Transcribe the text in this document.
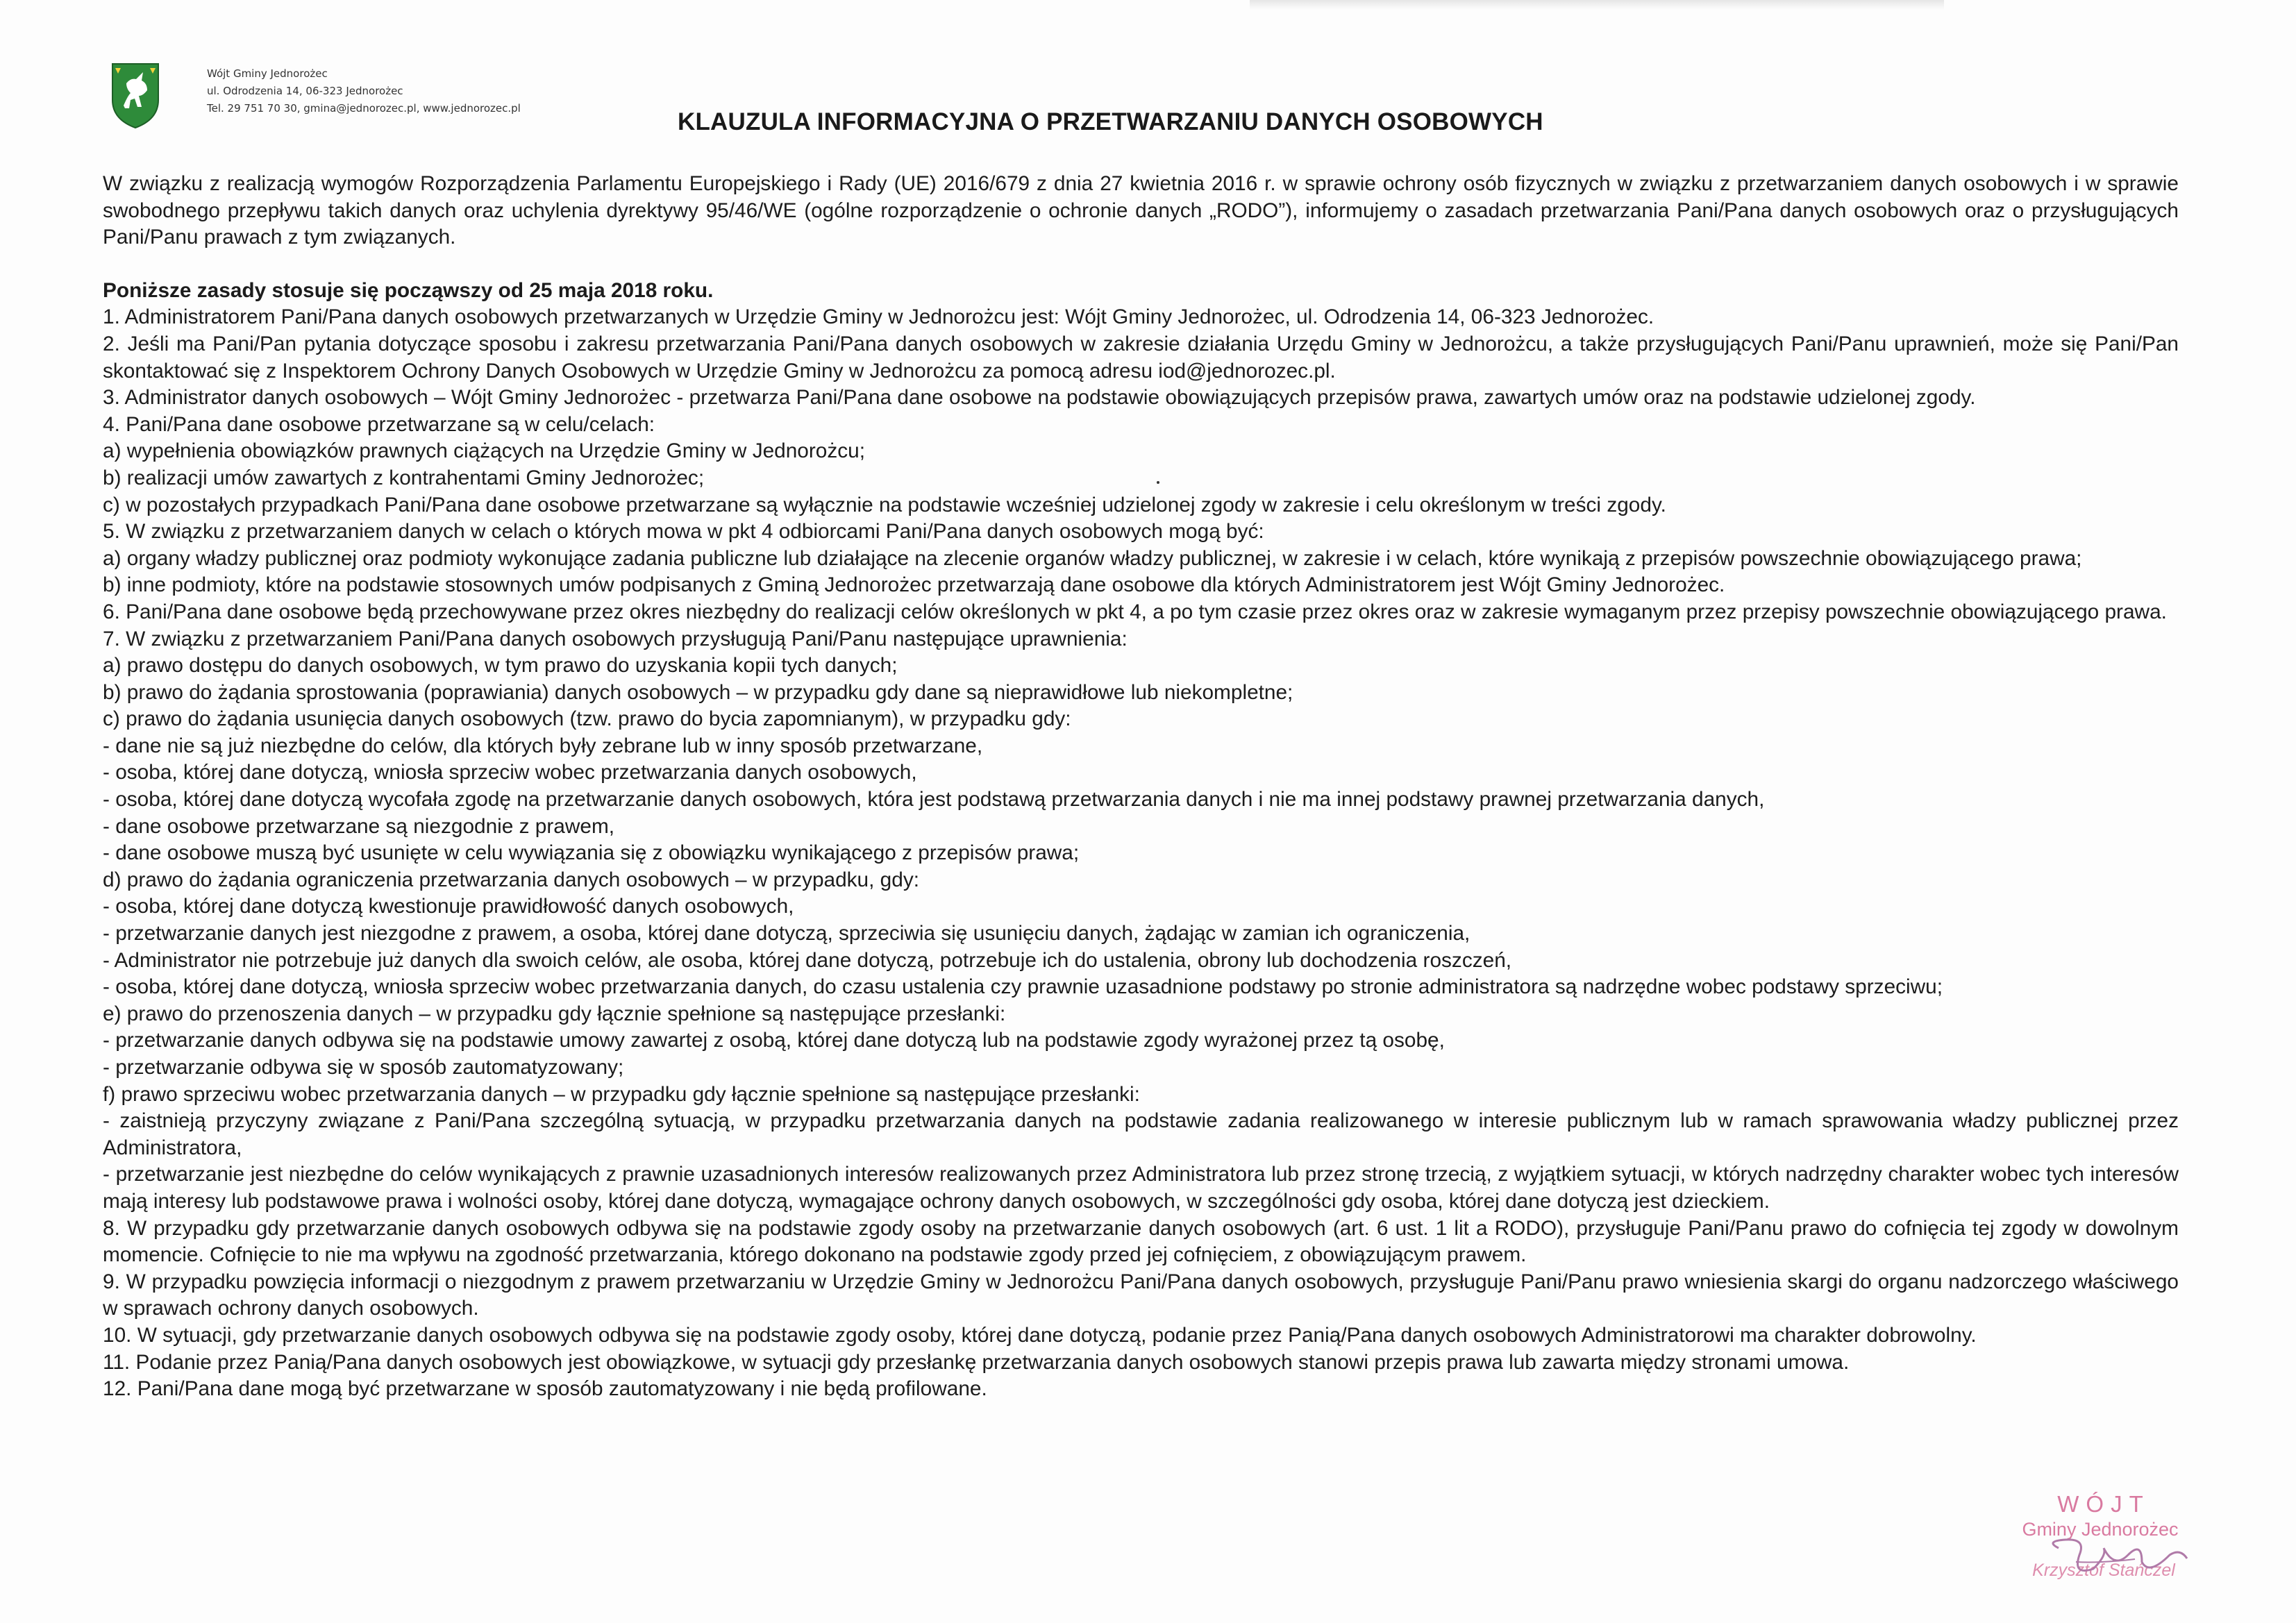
Wójt Gminy Jednorożec
ul. Odrodzenia 14, 06-323 Jednorożec
Tel. 29 751 70 30, gmina@jednorozec.pl, www.jednorozec.pl	KLAUZULA INFORMACYJNA O PRZETWARZANIU DANYCH OSOBOWYCH

W związku z realizacją wymogów Rozporządzenia Parlamentu Europejskiego i Rady (UE) 2016/679 z dnia 27 kwietnia 2016 r. w sprawie ochrony osób fizycznych w związku z przetwarzaniem danych osobowych i w sprawie swobodnego przepływu takich danych oraz uchylenia dyrektywy 95/46/WE (ogólne rozporządzenie o ochronie danych „RODO”), informujemy o zasadach przetwarzania Pani/Pana danych osobowych oraz o przysługujących Pani/Panu prawach z tym związanych.

Poniższe zasady stosuje się począwszy od 25 maja 2018 roku.

1. Administratorem Pani/Pana danych osobowych przetwarzanych w Urzędzie Gminy w Jednorożcu jest: Wójt Gminy Jednorożec, ul. Odrodzenia 14, 06-323 Jednorożec.

2. Jeśli ma Pani/Pan pytania dotyczące sposobu i zakresu przetwarzania Pani/Pana danych osobowych w zakresie działania Urzędu Gminy w Jednorożcu, a także przysługujących Pani/Panu uprawnień, może się Pani/Pan skontaktować się z Inspektorem Ochrony Danych Osobowych w Urzędzie Gminy w Jednorożcu za pomocą adresu iod@jednorozec.pl.

3. Administrator danych osobowych – Wójt Gminy Jednorożec - przetwarza Pani/Pana dane osobowe na podstawie obowiązujących przepisów prawa, zawartych umów oraz na podstawie udzielonej zgody.

4. Pani/Pana dane osobowe przetwarzane są w celu/celach:

a) wypełnienia obowiązków prawnych ciążących na Urzędzie Gminy w Jednorożcu;

b) realizacji umów zawartych z kontrahentami Gminy Jednorożec;

c) w pozostałych przypadkach Pani/Pana dane osobowe przetwarzane są wyłącznie na podstawie wcześniej udzielonej zgody w zakresie i celu określonym w treści zgody.

5. W związku z przetwarzaniem danych w celach o których mowa w pkt 4 odbiorcami Pani/Pana danych osobowych mogą być:

a) organy władzy publicznej oraz podmioty wykonujące zadania publiczne lub działające na zlecenie organów władzy publicznej, w zakresie i w celach, które wynikają z przepisów powszechnie obowiązującego prawa;

b) inne podmioty, które na podstawie stosownych umów podpisanych z Gminą Jednorożec przetwarzają dane osobowe dla których Administratorem jest Wójt Gminy Jednorożec.

6. Pani/Pana dane osobowe będą przechowywane przez okres niezbędny do realizacji celów określonych w pkt 4, a po tym czasie przez okres oraz w zakresie wymaganym przez przepisy powszechnie obowiązującego prawa.

7. W związku z przetwarzaniem Pani/Pana danych osobowych przysługują Pani/Panu następujące uprawnienia:

a) prawo dostępu do danych osobowych, w tym prawo do uzyskania kopii tych danych;

b) prawo do żądania sprostowania (poprawiania) danych osobowych – w przypadku gdy dane są nieprawidłowe lub niekompletne;

c) prawo do żądania usunięcia danych osobowych (tzw. prawo do bycia zapomnianym), w przypadku gdy:

- dane nie są już niezbędne do celów, dla których były zebrane lub w inny sposób przetwarzane,

- osoba, której dane dotyczą, wniosła sprzeciw wobec przetwarzania danych osobowych,

- osoba, której dane dotyczą wycofała zgodę na przetwarzanie danych osobowych, która jest podstawą przetwarzania danych i nie ma innej podstawy prawnej przetwarzania danych,

- dane osobowe przetwarzane są niezgodnie z prawem,

- dane osobowe muszą być usunięte w celu wywiązania się z obowiązku wynikającego z przepisów prawa;

d) prawo do żądania ograniczenia przetwarzania danych osobowych – w przypadku, gdy:

- osoba, której dane dotyczą kwestionuje prawidłowość danych osobowych,

- przetwarzanie danych jest niezgodne z prawem, a osoba, której dane dotyczą, sprzeciwia się usunięciu danych, żądając w zamian ich ograniczenia,

- Administrator nie potrzebuje już danych dla swoich celów, ale osoba, której dane dotyczą, potrzebuje ich do ustalenia, obrony lub dochodzenia roszczeń,

- osoba, której dane dotyczą, wniosła sprzeciw wobec przetwarzania danych, do czasu ustalenia czy prawnie uzasadnione podstawy po stronie administratora są nadrzędne wobec podstawy sprzeciwu;

e) prawo do przenoszenia danych – w przypadku gdy łącznie spełnione są następujące przesłanki:

- przetwarzanie danych odbywa się na podstawie umowy zawartej z osobą, której dane dotyczą lub na podstawie zgody wyrażonej przez tą osobę,

- przetwarzanie odbywa się w sposób zautomatyzowany;

f) prawo sprzeciwu wobec przetwarzania danych – w przypadku gdy łącznie spełnione są następujące przesłanki:

- zaistnieją przyczyny związane z Pani/Pana szczególną sytuacją, w przypadku przetwarzania danych na podstawie zadania realizowanego w interesie publicznym lub w ramach sprawowania władzy publicznej przez Administratora,

- przetwarzanie jest niezbędne do celów wynikających z prawnie uzasadnionych interesów realizowanych przez Administratora lub przez stronę trzecią, z wyjątkiem sytuacji, w których nadrzędny charakter wobec tych interesów mają interesy lub podstawowe prawa i wolności osoby, której dane dotyczą, wymagające ochrony danych osobowych, w szczególności gdy osoba, której dane dotyczą jest dzieckiem.

8. W przypadku gdy przetwarzanie danych osobowych odbywa się na podstawie zgody osoby na przetwarzanie danych osobowych (art. 6 ust. 1 lit a RODO), przysługuje Pani/Panu prawo do cofnięcia tej zgody w dowolnym momencie. Cofnięcie to nie ma wpływu na zgodność przetwarzania, którego dokonano na podstawie zgody przed jej cofnięciem, z obowiązującym prawem.

9. W przypadku powzięcia informacji o niezgodnym z prawem przetwarzaniu w Urzędzie Gminy w Jednorożcu Pani/Pana danych osobowych, przysługuje Pani/Panu prawo wniesienia skargi do organu nadzorczego właściwego w sprawach ochrony danych osobowych.

10. W sytuacji, gdy przetwarzanie danych osobowych odbywa się na podstawie zgody osoby, której dane dotyczą, podanie przez Panią/Pana danych osobowych Administratorowi ma charakter dobrowolny.

11. Podanie przez Panią/Pana danych osobowych jest obowiązkowe, w sytuacji gdy przesłankę przetwarzania danych osobowych stanowi przepis prawa lub zawarta między stronami umowa.

12. Pani/Pana dane mogą być przetwarzane w sposób zautomatyzowany i nie będą profilowane.

WÓJT
Gminy Jednorożec
Krzysztof Stańczel
